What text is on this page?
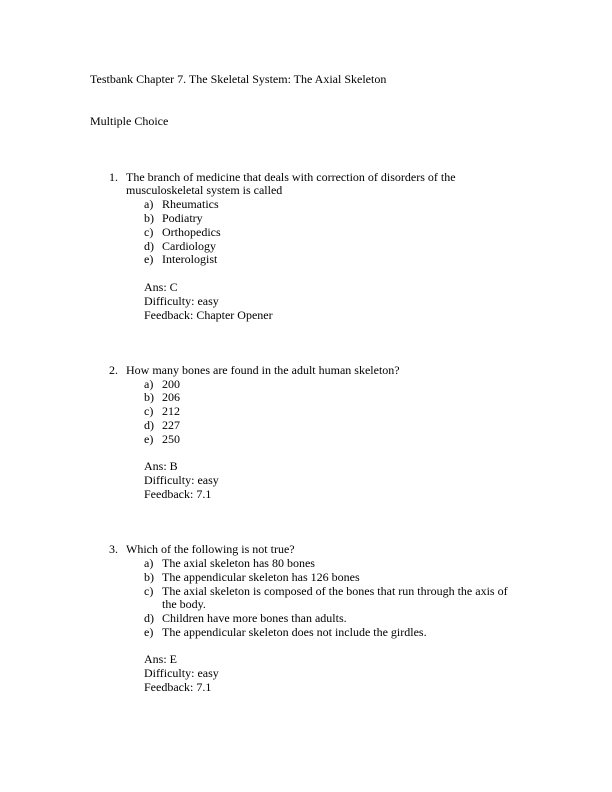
Testbank Chapter 7. The Skeletal System: The Axial Skeleton
Multiple Choice
1. The branch of medicine that deals with correction of disorders of the
musculoskeletal system is called
a) Rheumatics
b) Podiatry
c) Orthopedics
d) Cardiology
e) Interologist
Ans: C
Difficulty: easy
Feedback: Chapter Opener
2. How many bones are found in the adult human skeleton?
a) 200
b) 206
c) 212
d) 227
e) 250
Ans: B
Difficulty: easy
Feedback: 7.1
3. Which of the following is not true?
a) The axial skeleton has 80 bones
b) The appendicular skeleton has 126 bones
c) The axial skeleton is composed of the bones that run through the axis of
the body.
d) Children have more bones than adults.
e) The appendicular skeleton does not include the girdles.
Ans: E
Difficulty: easy
Feedback: 7.1
